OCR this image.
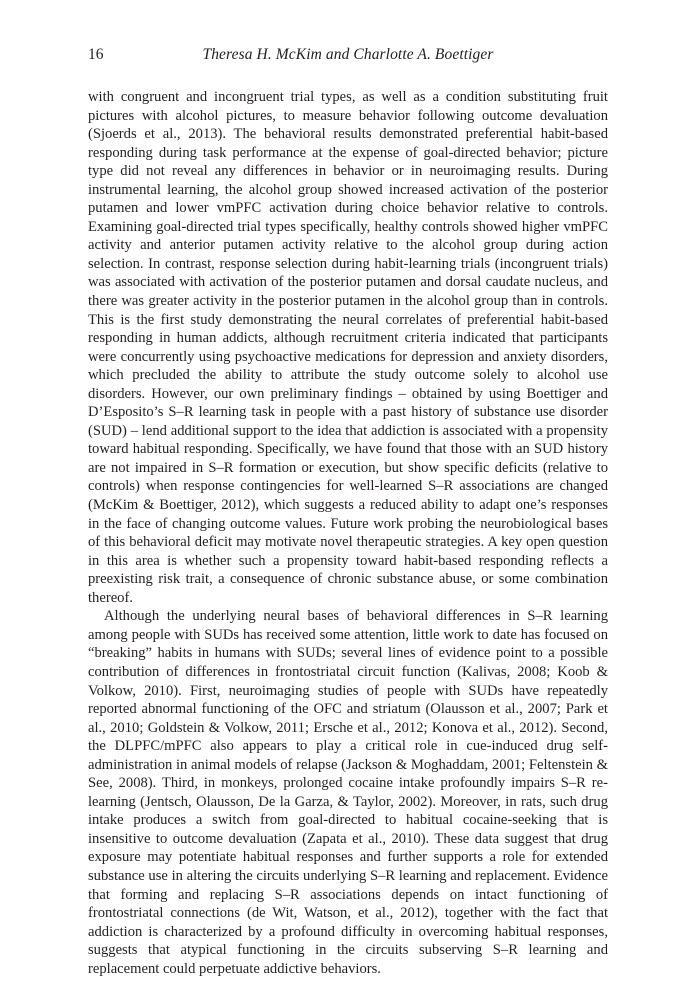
16	Theresa H. McKim and Charlotte A. Boettiger

with congruent and incongruent trial types, as well as a condition substituting fruit pictures with alcohol pictures, to measure behavior following outcome devaluation (Sjoerds et al., 2013). The behavioral results demonstrated preferential habit-based responding during task performance at the expense of goal-directed behavior; picture type did not reveal any differences in behavior or in neuroimaging results. During instrumental learning, the alcohol group showed increased activation of the posterior putamen and lower vmPFC activation during choice behavior relative to controls. Examining goal-directed trial types specifically, healthy controls showed higher vmPFC activity and anterior putamen activity relative to the alcohol group during action selection. In contrast, response selection during habit-learning trials (incongruent trials) was associated with activation of the posterior putamen and dorsal caudate nucleus, and there was greater activity in the posterior putamen in the alcohol group than in controls. This is the first study demonstrating the neural correlates of preferential habit-based responding in human addicts, although recruitment criteria indicated that participants were concurrently using psychoactive medications for depression and anxiety disorders, which precluded the ability to attribute the study outcome solely to alcohol use disorders. However, our own preliminary findings – obtained by using Boettiger and D’Esposito’s S–R learning task in people with a past history of substance use disorder (SUD) – lend additional support to the idea that addiction is associated with a propensity toward habitual responding. Specifically, we have found that those with an SUD history are not impaired in S–R formation or execution, but show specific deficits (relative to controls) when response contingencies for well-learned S–R associations are changed (McKim & Boettiger, 2012), which suggests a reduced ability to adapt one’s responses in the face of changing outcome values. Future work probing the neurobiological bases of this behavioral deficit may motivate novel therapeutic strategies. A key open question in this area is whether such a propensity toward habit-based responding reflects a preexisting risk trait, a consequence of chronic substance abuse, or some combination thereof.

Although the underlying neural bases of behavioral differences in S–R learning among people with SUDs has received some attention, little work to date has focused on “breaking” habits in humans with SUDs; several lines of evidence point to a possible contribution of differences in frontostriatal circuit function (Kalivas, 2008; Koob & Volkow, 2010). First, neuroimaging studies of people with SUDs have repeatedly reported abnormal functioning of the OFC and striatum (Olausson et al., 2007; Park et al., 2010; Goldstein & Volkow, 2011; Ersche et al., 2012; Konova et al., 2012). Second, the DLPFC/mPFC also appears to play a critical role in cue-induced drug self-administration in animal models of relapse (Jackson & Moghaddam, 2001; Feltenstein & See, 2008). Third, in monkeys, prolonged cocaine intake profoundly impairs S–R re-learning (Jentsch, Olausson, De la Garza, & Taylor, 2002). Moreover, in rats, such drug intake produces a switch from goal-directed to habitual cocaine-seeking that is insensitive to outcome devaluation (Zapata et al., 2010). These data suggest that drug exposure may potentiate habitual responses and further supports a role for extended substance use in altering the circuits underlying S–R learning and replacement. Evidence that forming and replacing S–R associations depends on intact functioning of frontostriatal connections (de Wit, Watson, et al., 2012), together with the fact that addiction is characterized by a profound difficulty in overcoming habitual responses, suggests that atypical functioning in the circuits subserving S–R learning and replacement could perpetuate addictive behaviors.
